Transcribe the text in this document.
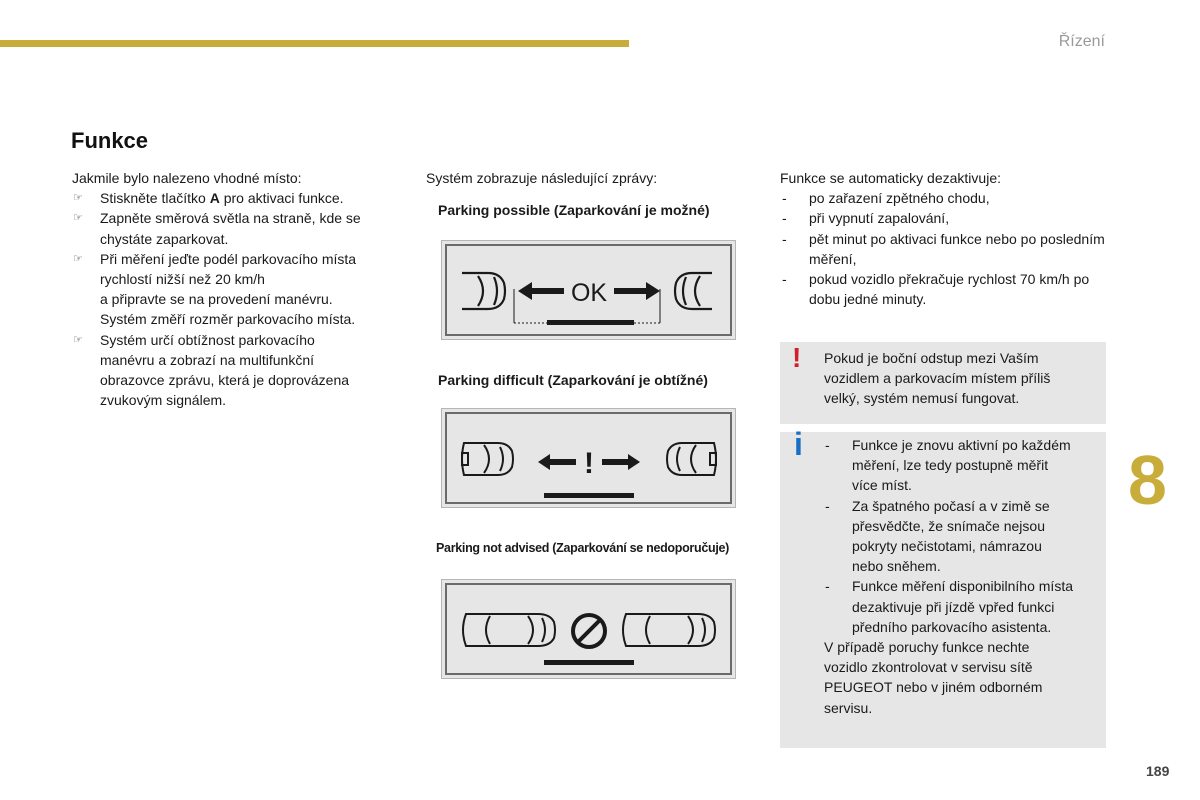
Řízení
Funkce
Jakmile bylo nalezeno vhodné místo:
☞ Stiskněte tlačítko A pro aktivaci funkce.
☞ Zapněte směrová světla na straně, kde se
chystáte zaparkovat.
☞ Při měření jeďte podél parkovacího místa
rychlostí nižší než 20 km/h
a připravte se na provedení manévru.
Systém změří rozměr parkovacího místa.
☞ Systém určí obtížnost parkovacího
manévru a zobrazí na multifunkční
obrazovce zprávu, která je doprovázena
zvukovým signálem.
Systém zobrazuje následující zprávy:
Parking possible (Zaparkování je možné)
OK
Parking difficult (Zaparkování je obtížné)
!
Parking not advised (Zaparkování se nedoporučuje)
Funkce se automaticky dezaktivuje:
- po zařazení zpětného chodu,
- při vypnutí zapalování,
- pět minut po aktivaci funkce nebo po posledním měření,
- pokud vozidlo překračuje rychlost 70 km/h po dobu jedné minuty.
! Pokud je boční odstup mezi Vaším
vozidlem a parkovacím místem příliš
velký, systém nemusí fungovat.
i - Funkce je znovu aktivní po každém
měření, lze tedy postupně měřit
více míst.
- Za špatného počasí a v zimě se
přesvědčte, že snímače nejsou
pokryty nečistotami, námrazou
nebo sněhem.
- Funkce měření disponibilního místa
dezaktivuje při jízdě vpřed funkci
předního parkovacího asistenta.
V případě poruchy funkce nechte
vozidlo zkontrolovat v servisu sítě
PEUGEOT nebo v jiném odborném
servisu.
8
189
